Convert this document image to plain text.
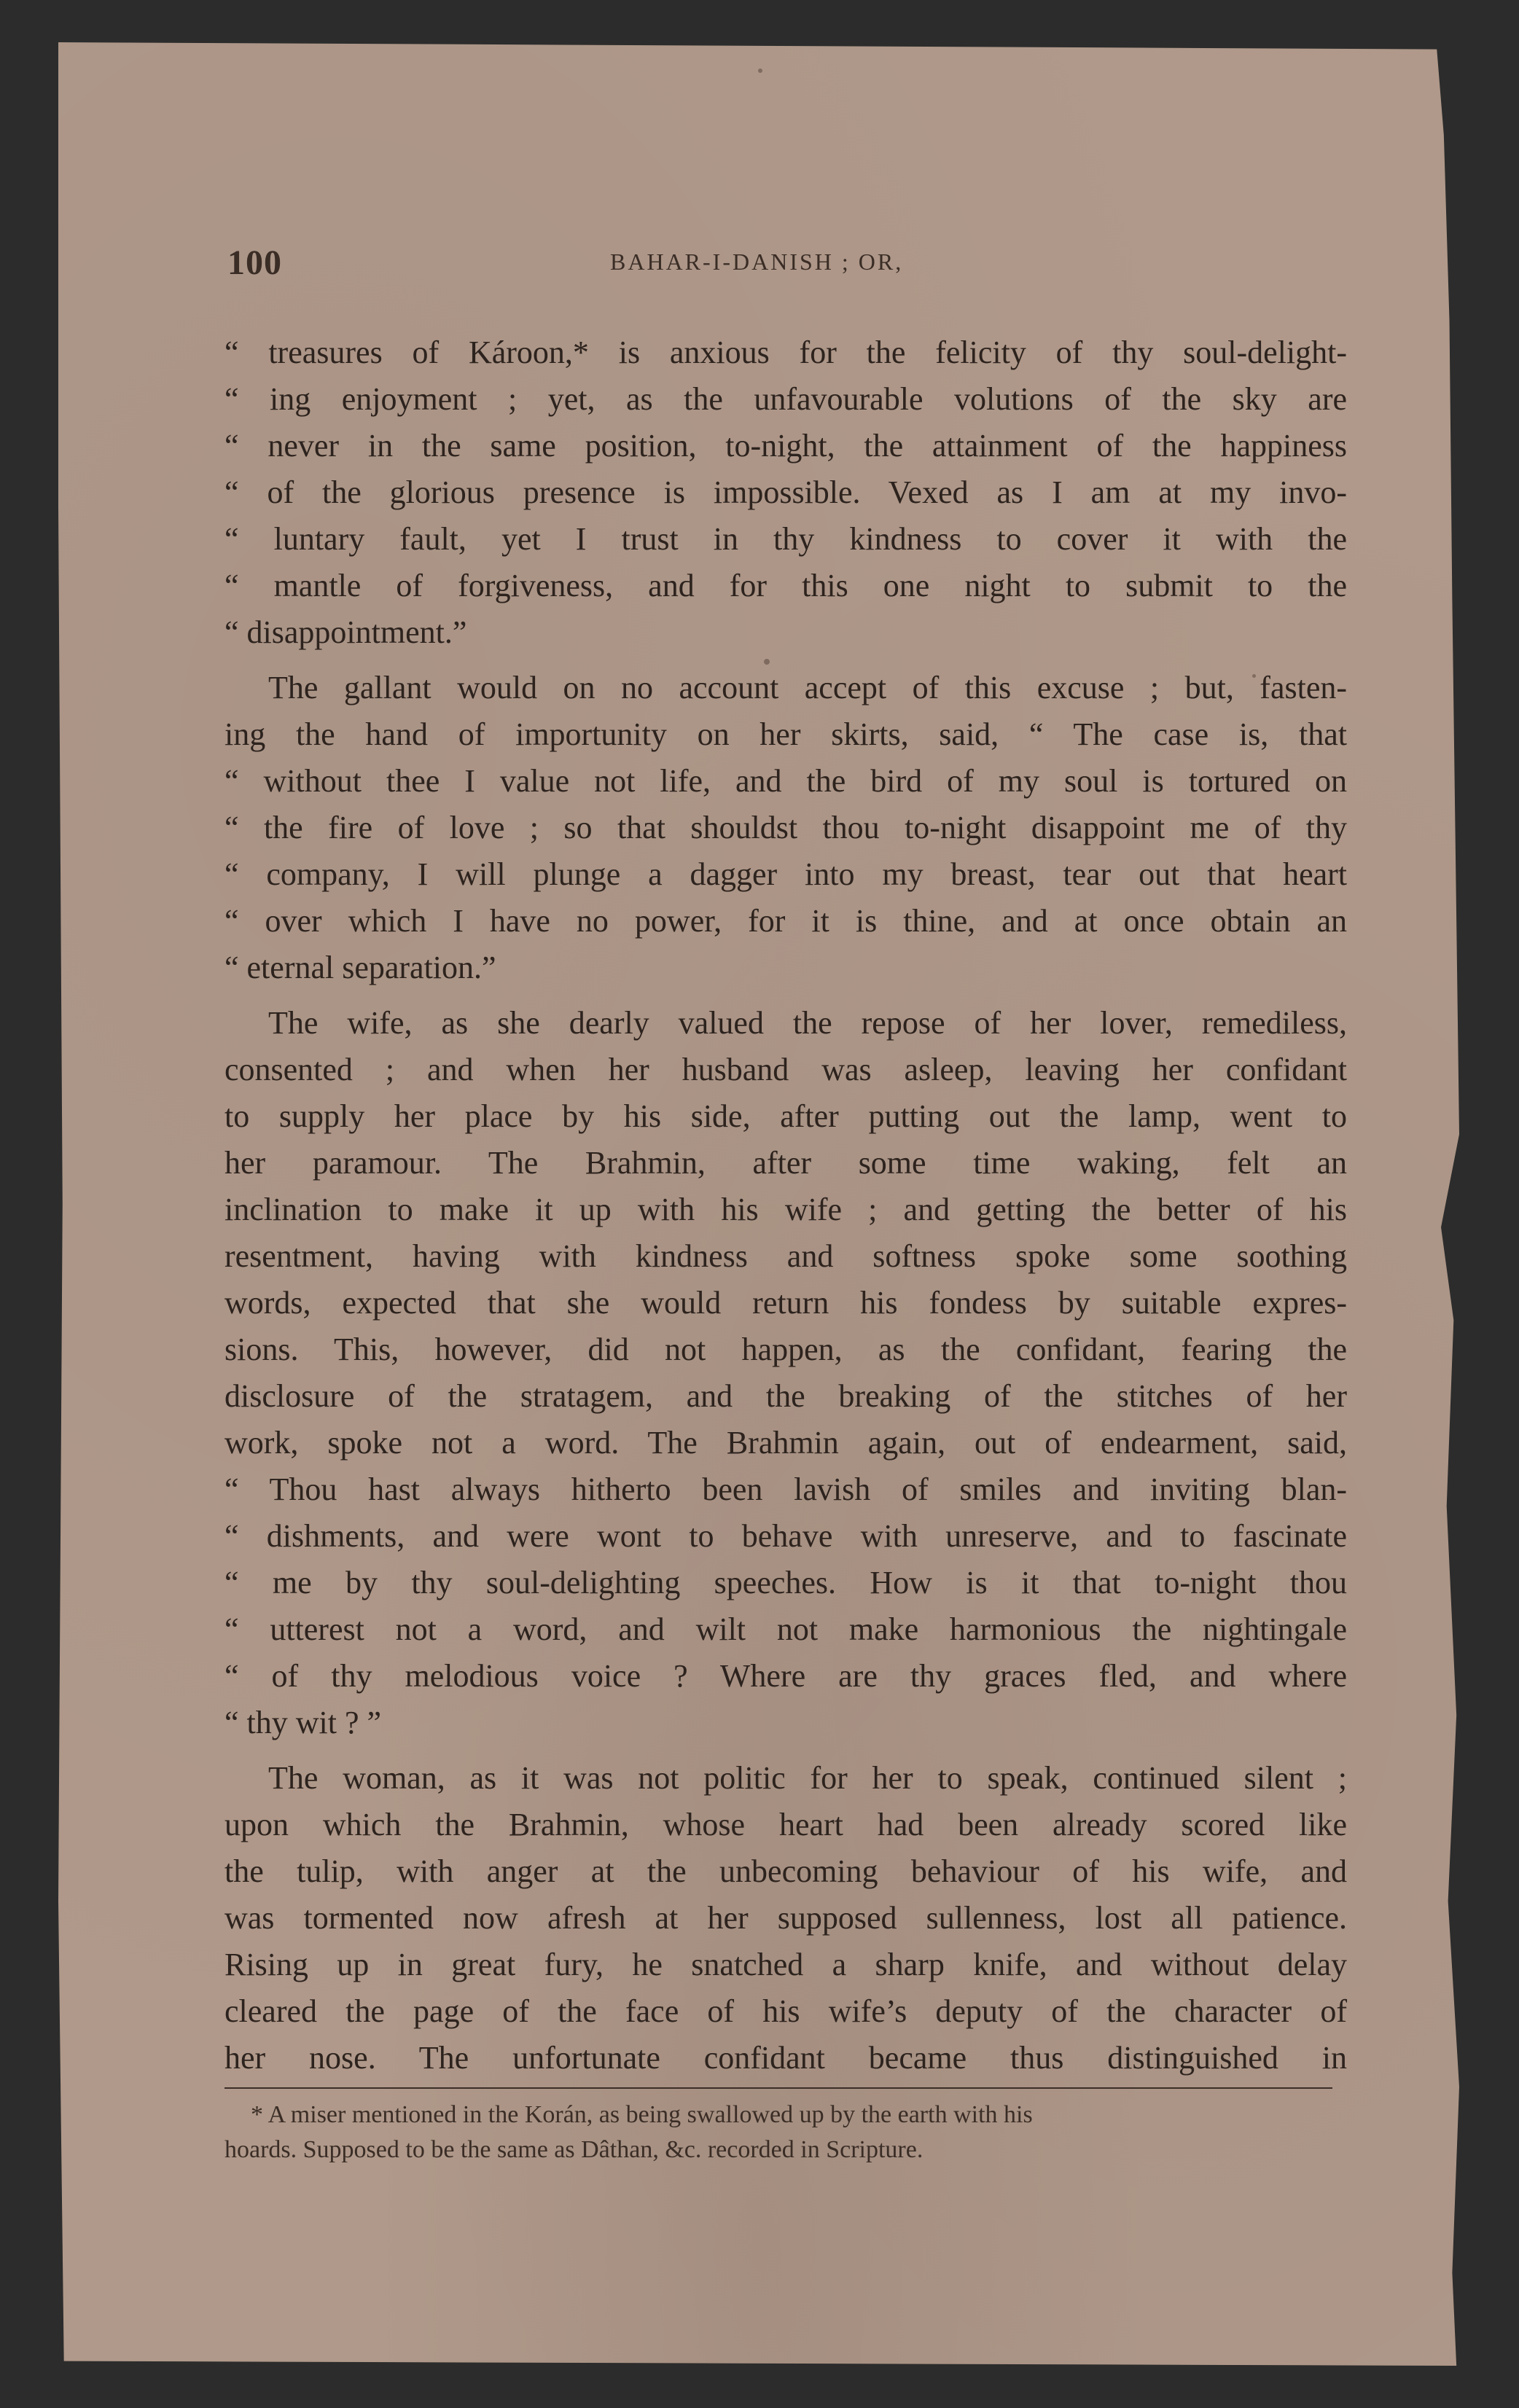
100	BAHAR-I-DANISH ; OR,
“ treasures of Károon,* is anxious for the felicity of thy soul-delight-
“ ing enjoyment ; yet, as the unfavourable volutions of the sky are
“ never in the same position, to-night, the attainment of the happiness
“ of the glorious presence is impossible. Vexed as I am at my invo-
“ luntary fault, yet I trust in thy kindness to cover it with the
“ mantle of forgiveness, and for this one night to submit to the
“ disappointment.”
The gallant would on no account accept of this excuse ; but, fasten-
ing the hand of importunity on her skirts, said, “ The case is, that
“ without thee I value not life, and the bird of my soul is tortured on
“ the fire of love ; so that shouldst thou to-night disappoint me of thy
“ company, I will plunge a dagger into my breast, tear out that heart
“ over which I have no power, for it is thine, and at once obtain an
“ eternal separation.”
The wife, as she dearly valued the repose of her lover, remediless,
consented ; and when her husband was asleep, leaving her confidant
to supply her place by his side, after putting out the lamp, went to
her paramour. The Brahmin, after some time waking, felt an
inclination to make it up with his wife ; and getting the better of his
resentment, having with kindness and softness spoke some soothing
words, expected that she would return his fondess by suitable expres-
sions. This, however, did not happen, as the confidant, fearing the
disclosure of the stratagem, and the breaking of the stitches of her
work, spoke not a word. The Brahmin again, out of endearment, said,
“ Thou hast always hitherto been lavish of smiles and inviting blan-
“ dishments, and were wont to behave with unreserve, and to fascinate
“ me by thy soul-delighting speeches. How is it that to-night thou
“ utterest not a word, and wilt not make harmonious the nightingale
“ of thy melodious voice ? Where are thy graces fled, and where
“ thy wit ? ”
The woman, as it was not politic for her to speak, continued silent ;
upon which the Brahmin, whose heart had been already scored like
the tulip, with anger at the unbecoming behaviour of his wife, and
was tormented now afresh at her supposed sullenness, lost all patience.
Rising up in great fury, he snatched a sharp knife, and without delay
cleared the page of the face of his wife’s deputy of the character of
her nose. The unfortunate confidant became thus distinguished in
* A miser mentioned in the Korán, as being swallowed up by the earth with his
hoards. Supposed to be the same as Dâthan, &c. recorded in Scripture.
